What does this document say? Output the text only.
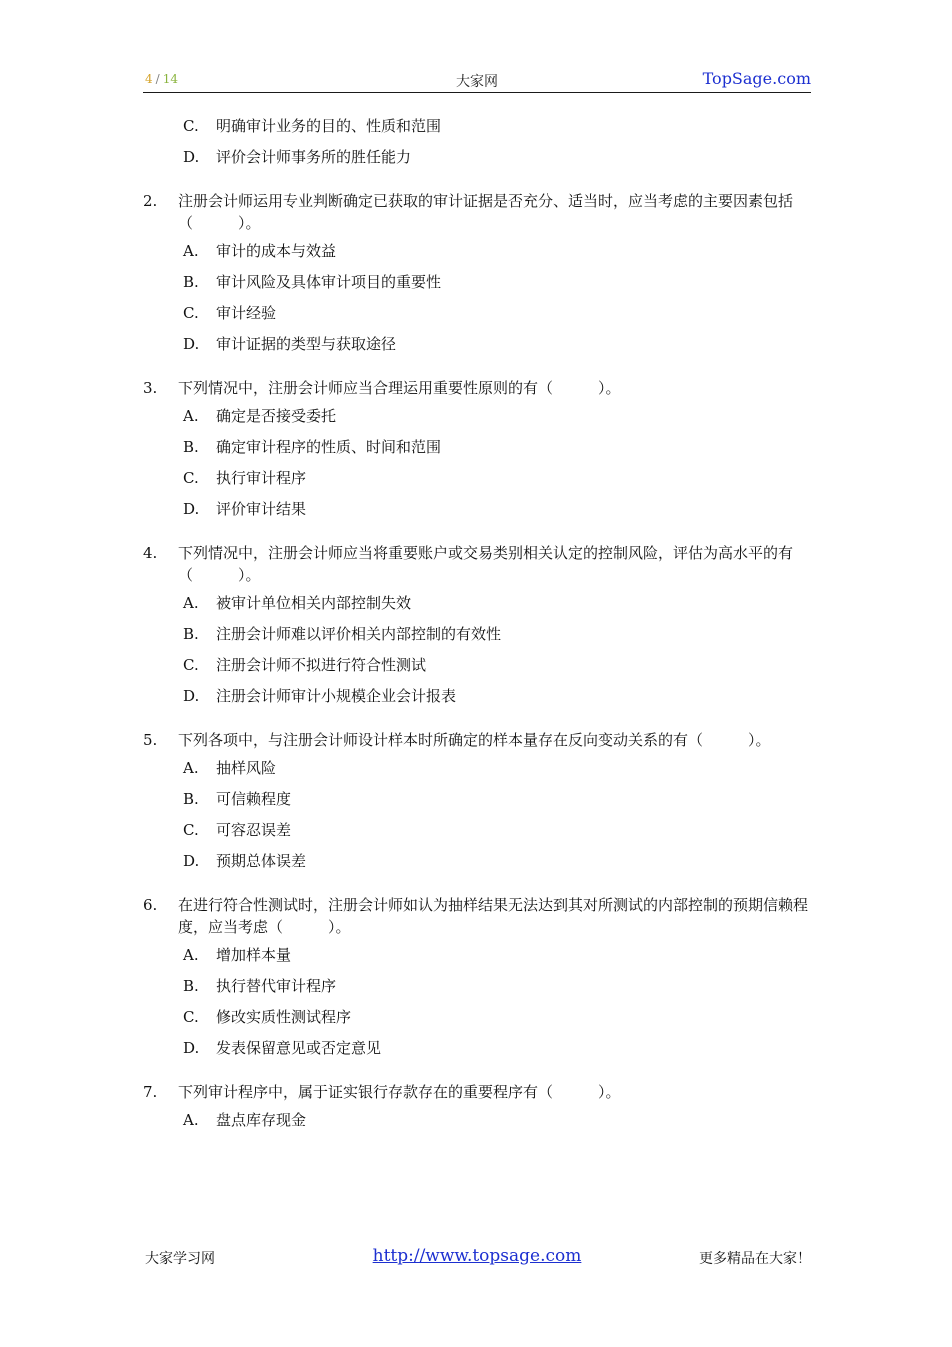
4 / 14	大家网	TopSage.com
C. 明确审计业务的目的、性质和范围
D. 评价会计师事务所的胜任能力
2. 注册会计师运用专业判断确定已获取的审计证据是否充分、适当时，应当考虑的主要因素包括（　　　）。
A. 审计的成本与效益
B. 审计风险及具体审计项目的重要性
C. 审计经验
D. 审计证据的类型与获取途径
3. 下列情况中，注册会计师应当合理运用重要性原则的有（　　　）。
A. 确定是否接受委托
B. 确定审计程序的性质、时间和范围
C. 执行审计程序
D. 评价审计结果
4. 下列情况中，注册会计师应当将重要账户或交易类别相关认定的控制风险，评估为高水平的有（　　　）。
A. 被审计单位相关内部控制失效
B. 注册会计师难以评价相关内部控制的有效性
C. 注册会计师不拟进行符合性测试
D. 注册会计师审计小规模企业会计报表
5. 下列各项中，与注册会计师设计样本时所确定的样本量存在反向变动关系的有（　　　）。
A. 抽样风险
B. 可信赖程度
C. 可容忍误差
D. 预期总体误差
6. 在进行符合性测试时，注册会计师如认为抽样结果无法达到其对所测试的内部控制的预期信赖程度，应当考虑（　　　）。
A. 增加样本量
B. 执行替代审计程序
C. 修改实质性测试程序
D. 发表保留意见或否定意见
7. 下列审计程序中，属于证实银行存款存在的重要程序有（　　　）。
A. 盘点库存现金
大家学习网	http://www.topsage.com	更多精品在大家！
